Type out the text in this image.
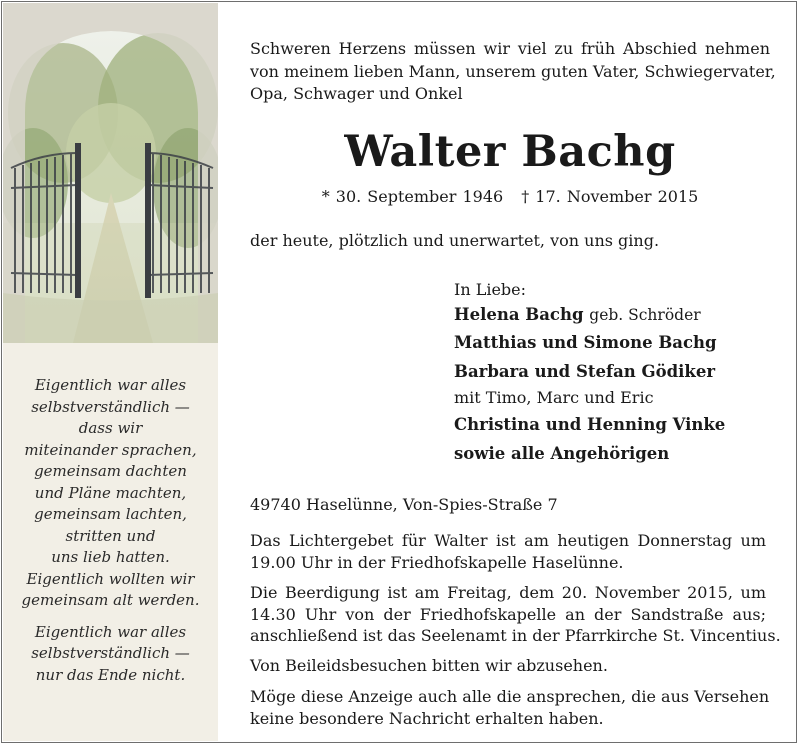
Eigentlich war alles
selbstverständlich —
dass wir
miteinander sprachen,
gemeinsam dachten
und Pläne machten,
gemeinsam lachten,
stritten und
uns lieb hatten.
Eigentlich wollten wir
gemeinsam alt werden.
Eigentlich war alles
selbstverständlich —
nur das Ende nicht.
Schweren Herzens müssen wir viel zu früh Abschied nehmen
von meinem lieben Mann, unserem guten Vater, Schwiegervater,
Opa, Schwager und Onkel
Walter Bachg
* 30. September 1946 † 17. November 2015
der heute, plötzlich und unerwartet, von uns ging.
In Liebe:
Helena Bachg geb. Schröder
Matthias und Simone Bachg
Barbara und Stefan Gödiker
mit Timo, Marc und Eric
Christina und Henning Vinke
sowie alle Angehörigen
49740 Haselünne, Von-Spies-Straße 7
Das Lichtergebet für Walter ist am heutigen Donnerstag um
19.00 Uhr in der Friedhofskapelle Haselünne.
Die Beerdigung ist am Freitag, dem 20. November 2015, um
14.30 Uhr von der Friedhofskapelle an der Sandstraße aus;
anschließend ist das Seelenamt in der Pfarrkirche St. Vincentius.
Von Beileidsbesuchen bitten wir abzusehen.
Möge diese Anzeige auch alle die ansprechen, die aus Versehen
keine besondere Nachricht erhalten haben.
